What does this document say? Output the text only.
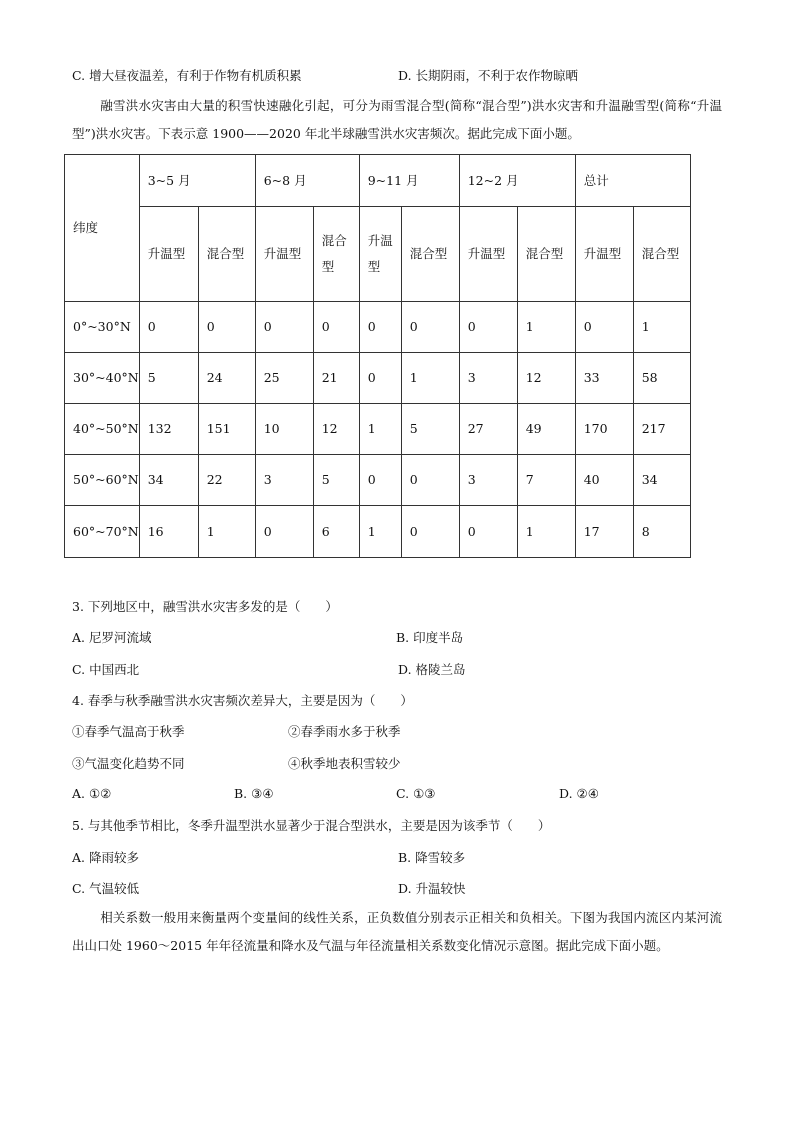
C. 增大昼夜温差，有利于作物有机质积累	D. 长期阴雨，不利于农作物晾晒
融雪洪水灾害由大量的积雪快速融化引起，可分为雨雪混合型(简称“混合型”)洪水灾害和升温融雪型(简称“升温型”)洪水灾害。下表示意 1900——2020 年北半球融雪洪水灾害频次。据此完成下面小题。
纬度	3~5 月		6~8 月		9~11 月		12~2 月		总计	
	升温型	混合型	升温型	混合型	升温型	混合型	升温型	混合型	升温型	混合型
0°~30°N	0	0	0	0	0	0	0	1	0	1
30°~40°N	5	24	25	21	0	1	3	12	33	58
40°~50°N	132	151	10	12	1	5	27	49	170	217
50°~60°N	34	22	3	5	0	0	3	7	40	34
60°~70°N	16	1	0	6	1	0	0	1	17	8
3. 下列地区中，融雪洪水灾害多发的是（　　）
A. 尼罗河流域	B. 印度半岛
C. 中国西北	D. 格陵兰岛
4. 春季与秋季融雪洪水灾害频次差异大，主要是因为（　　）
①春季气温高于秋季	②春季雨水多于秋季
③气温变化趋势不同	④秋季地表积雪较少
A. ①②	B. ③④	C. ①③	D. ②④
5. 与其他季节相比，冬季升温型洪水显著少于混合型洪水，主要是因为该季节（　　）
A. 降雨较多	B. 降雪较多
C. 气温较低	D. 升温较快
相关系数一般用来衡量两个变量间的线性关系，正负数值分别表示正相关和负相关。下图为我国内流区内某河流出山口处 1960～2015 年年径流量和降水及气温与年径流量相关系数变化情况示意图。据此完成下面小题。
